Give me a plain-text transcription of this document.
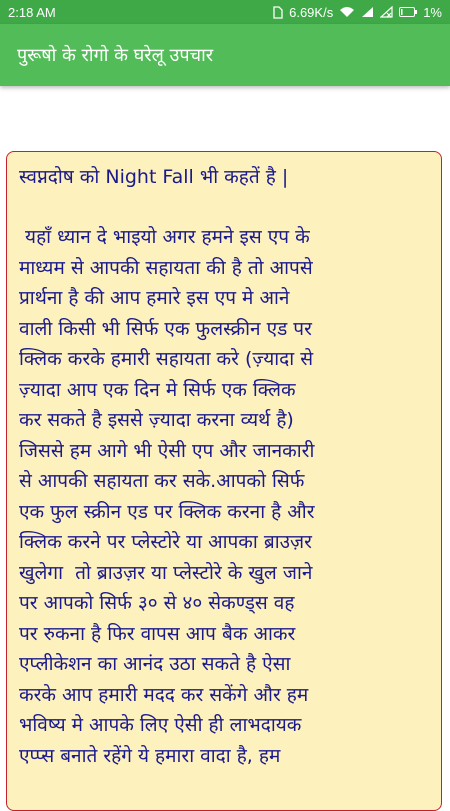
2:18 AM	6.69K/s	1%
पुरूषो के रोगो के घरेलू उपचार

स्वप्नदोष को Night Fall भी कहतें है |

यहाँ ध्यान दे भाइयो अगर हमने इस एप के
माध्यम से आपकी सहायता की है तो आपसे
प्रार्थना है की आप हमारे इस एप मे आने
वाली किसी भी सिर्फ एक फुलस्क्रीन एड पर
क्लिक करके हमारी सहायता करे (ज़्यादा से
ज़्यादा आप एक दिन मे सिर्फ एक क्लिक
कर सकते है इससे ज़्यादा करना व्यर्थ है)
जिससे हम आगे भी ऐसी एप और जानकारी
से आपकी सहायता कर सके.आपको सिर्फ
एक फुल स्क्रीन एड पर क्लिक करना है और
क्लिक करने पर प्लेस्टोरे या आपका ब्राउज़र
खुलेगा  तो ब्राउज़र या प्लेस्टोरे के खुल जाने
पर आपको सिर्फ ३० से ४० सेकण्ड्स वह
पर रुकना है फिर वापस आप बैक आकर
एप्लीकेशन का आनंद उठा सकते है ऐसा
करके आप हमारी मदद कर सकेंगे और हम
भविष्य मे आपके लिए ऐसी ही लाभदायक
एप्प्स बनाते रहेंगे ये हमारा वादा है, हम
